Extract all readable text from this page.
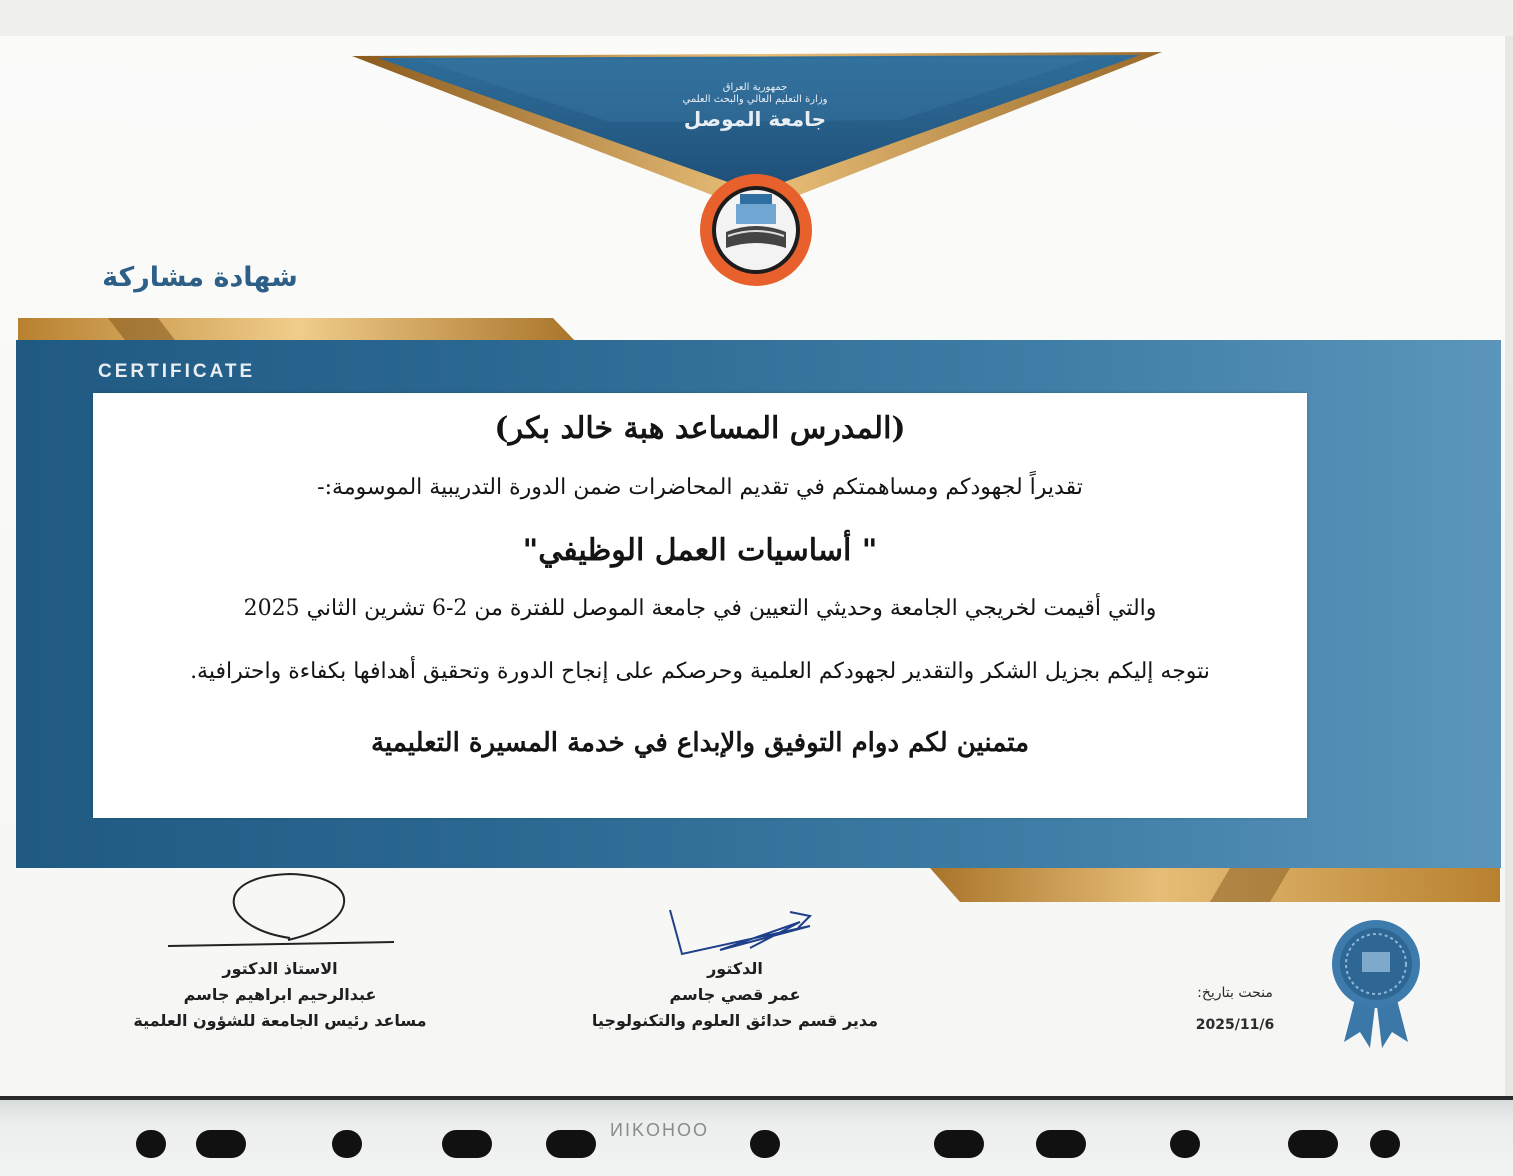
جمهورية العراق
وزارة التعليم العالي والبحث العلمي
جامعة الموصل
شهادة مشاركة
CERTIFICATE
(المدرس المساعد هبة خالد بكر)
تقديراً لجهودكم ومساهمتكم في تقديم المحاضرات ضمن الدورة التدريبية الموسومة:-
" أساسيات العمل الوظيفي"
والتي أقيمت لخريجي الجامعة وحديثي التعيين في جامعة الموصل للفترة من 2-6 تشرين الثاني 2025
نتوجه إليكم بجزيل الشكر والتقدير لجهودكم العلمية وحرصكم على إنجاح الدورة وتحقيق أهدافها بكفاءة واحترافية.
متمنين لكم دوام التوفيق والإبداع في خدمة المسيرة التعليمية
الاستاذ الدكتور
عبدالرحيم ابراهيم جاسم
مساعد رئيس الجامعة للشؤون العلمية
الدكتور
عمر قصي جاسم
مدير قسم حدائق العلوم والتكنولوجيا
منحت بتاريخ:
2025/11/6
ИIKOHOO
